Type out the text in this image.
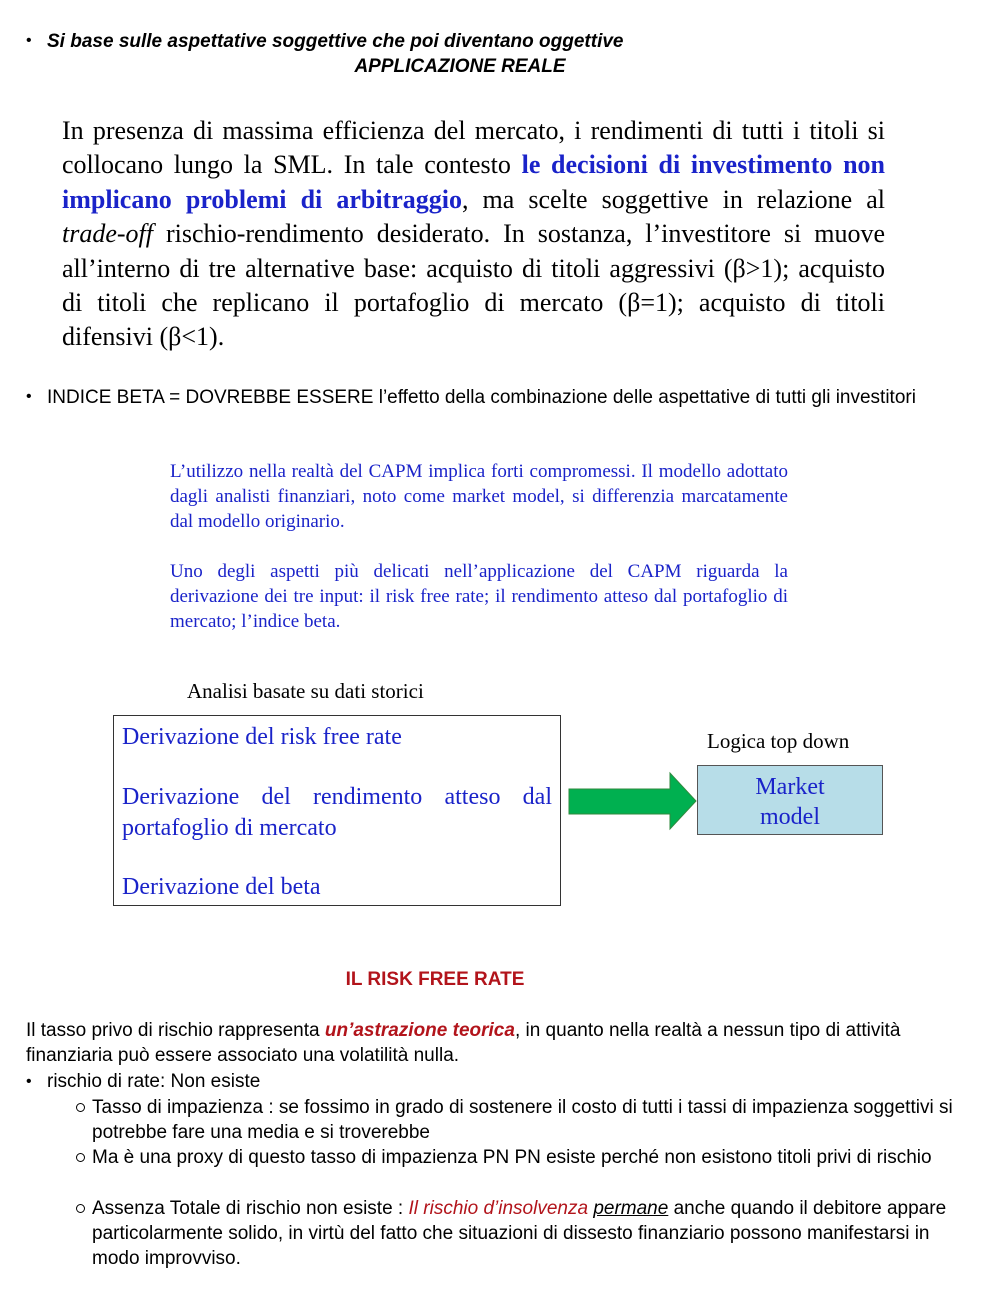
• Si base sulle aspettative soggettive che poi diventano oggettive
APPLICAZIONE REALE
In presenza di massima efficienza del mercato, i rendimenti di tutti i titoli si collocano lungo la SML. In tale contesto le decisioni di investimento non implicano problemi di arbitraggio, ma scelte soggettive in relazione al trade-off rischio-rendimento desiderato. In sostanza, l’investitore si muove all’interno di tre alternative base: acquisto di titoli aggressivi (β>1); acquisto di titoli che replicano il portafoglio di mercato (β=1); acquisto di titoli difensivi (β<1).
• INDICE BETA = DOVREBBE ESSERE l’effetto della combinazione delle aspettative di tutti gli investitori
L’utilizzo nella realtà del CAPM implica forti compromessi. Il modello adottato dagli analisti finanziari, noto come market model, si differenzia marcatamente dal modello originario.
Uno degli aspetti più delicati nell’applicazione del CAPM riguarda la derivazione dei tre input: il risk free rate; il rendimento atteso dal portafoglio di mercato; l’indice beta.
Analisi basate su dati storici
Derivazione del risk free rate
Derivazione del rendimento atteso dal portafoglio di mercato
Derivazione del beta
Logica top down
Market
model
IL RISK FREE RATE
Il tasso privo di rischio rappresenta un’astrazione teorica, in quanto nella realtà a nessun tipo di attività finanziaria può essere associato una volatilità nulla.
• rischio di rate: Non esiste
Tasso di impazienza : se fossimo in grado di sostenere il costo di tutti i tassi di impazienza soggettivi si potrebbe fare una media e si troverebbe
Ma è una proxy di questo tasso di impazienza PN PN esiste perché non esistono titoli privi di rischio
Assenza Totale di rischio non esiste : Il rischio d’insolvenza permane anche quando il debitore appare particolarmente solido, in virtù del fatto che situazioni di dissesto finanziario possono manifestarsi in modo improvviso.
